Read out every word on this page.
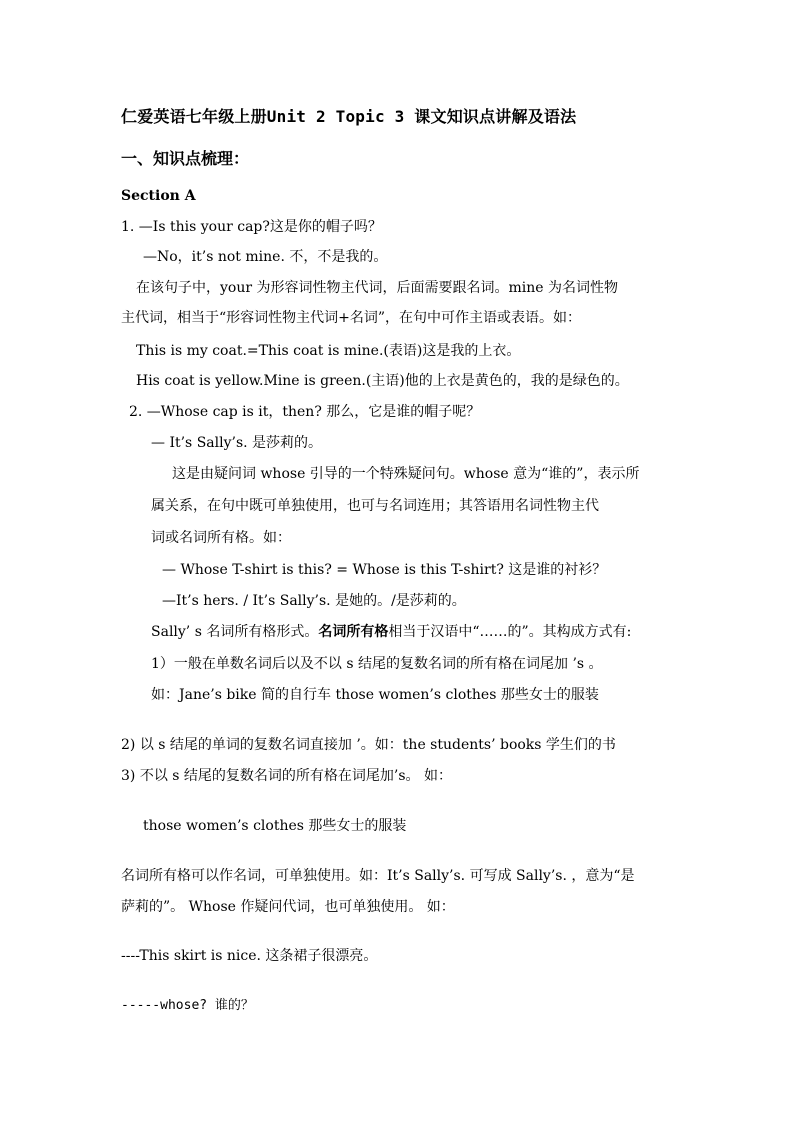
仁爱英语七年级上册Unit 2 Topic 3 课文知识点讲解及语法
一、知识点梳理：
Section A
1. —Is this your cap?这是你的帽子吗？
—No，it’s not mine. 不，不是我的。
在该句子中，your 为形容词性物主代词，后面需要跟名词。mine 为名词性物
主代词，相当于“形容词性物主代词+名词”，在句中可作主语或表语。如：
This is my coat.=This coat is mine.(表语)这是我的上衣。
His coat is yellow.Mine is green.(主语)他的上衣是黄色的，我的是绿色的。
2. —Whose cap is it，then? 那么，它是谁的帽子呢？
— It’s Sally’s. 是莎莉的。
这是由疑问词 whose 引导的一个特殊疑问句。whose 意为“谁的”，表示所
属关系，在句中既可单独使用，也可与名词连用；其答语用名词性物主代
词或名词所有格。如：
— Whose T-shirt is this? = Whose is this T-shirt? 这是谁的衬衫？
—It’s hers. / It’s Sally’s. 是她的。/是莎莉的。
Sally’ s 名词所有格形式。名词所有格相当于汉语中“……的”。其构成方式有:
1）一般在单数名词后以及不以 s 结尾的复数名词的所有格在词尾加 ’s 。
如：Jane’s bike 简的自行车 those women’s clothes 那些女士的服装
2) 以 s 结尾的单词的复数名词直接加 ’。如：the students’ books 学生们的书
3) 不以 s 结尾的复数名词的所有格在词尾加’s。 如：
those women’s clothes 那些女士的服装
名词所有格可以作名词，可单独使用。如：It’s Sally’s. 可写成 Sally’s. ，意为“是
萨莉的”。 Whose 作疑问代词，也可单独使用。 如：
----This skirt is nice. 这条裙子很漂亮。
-----whose? 谁的？
